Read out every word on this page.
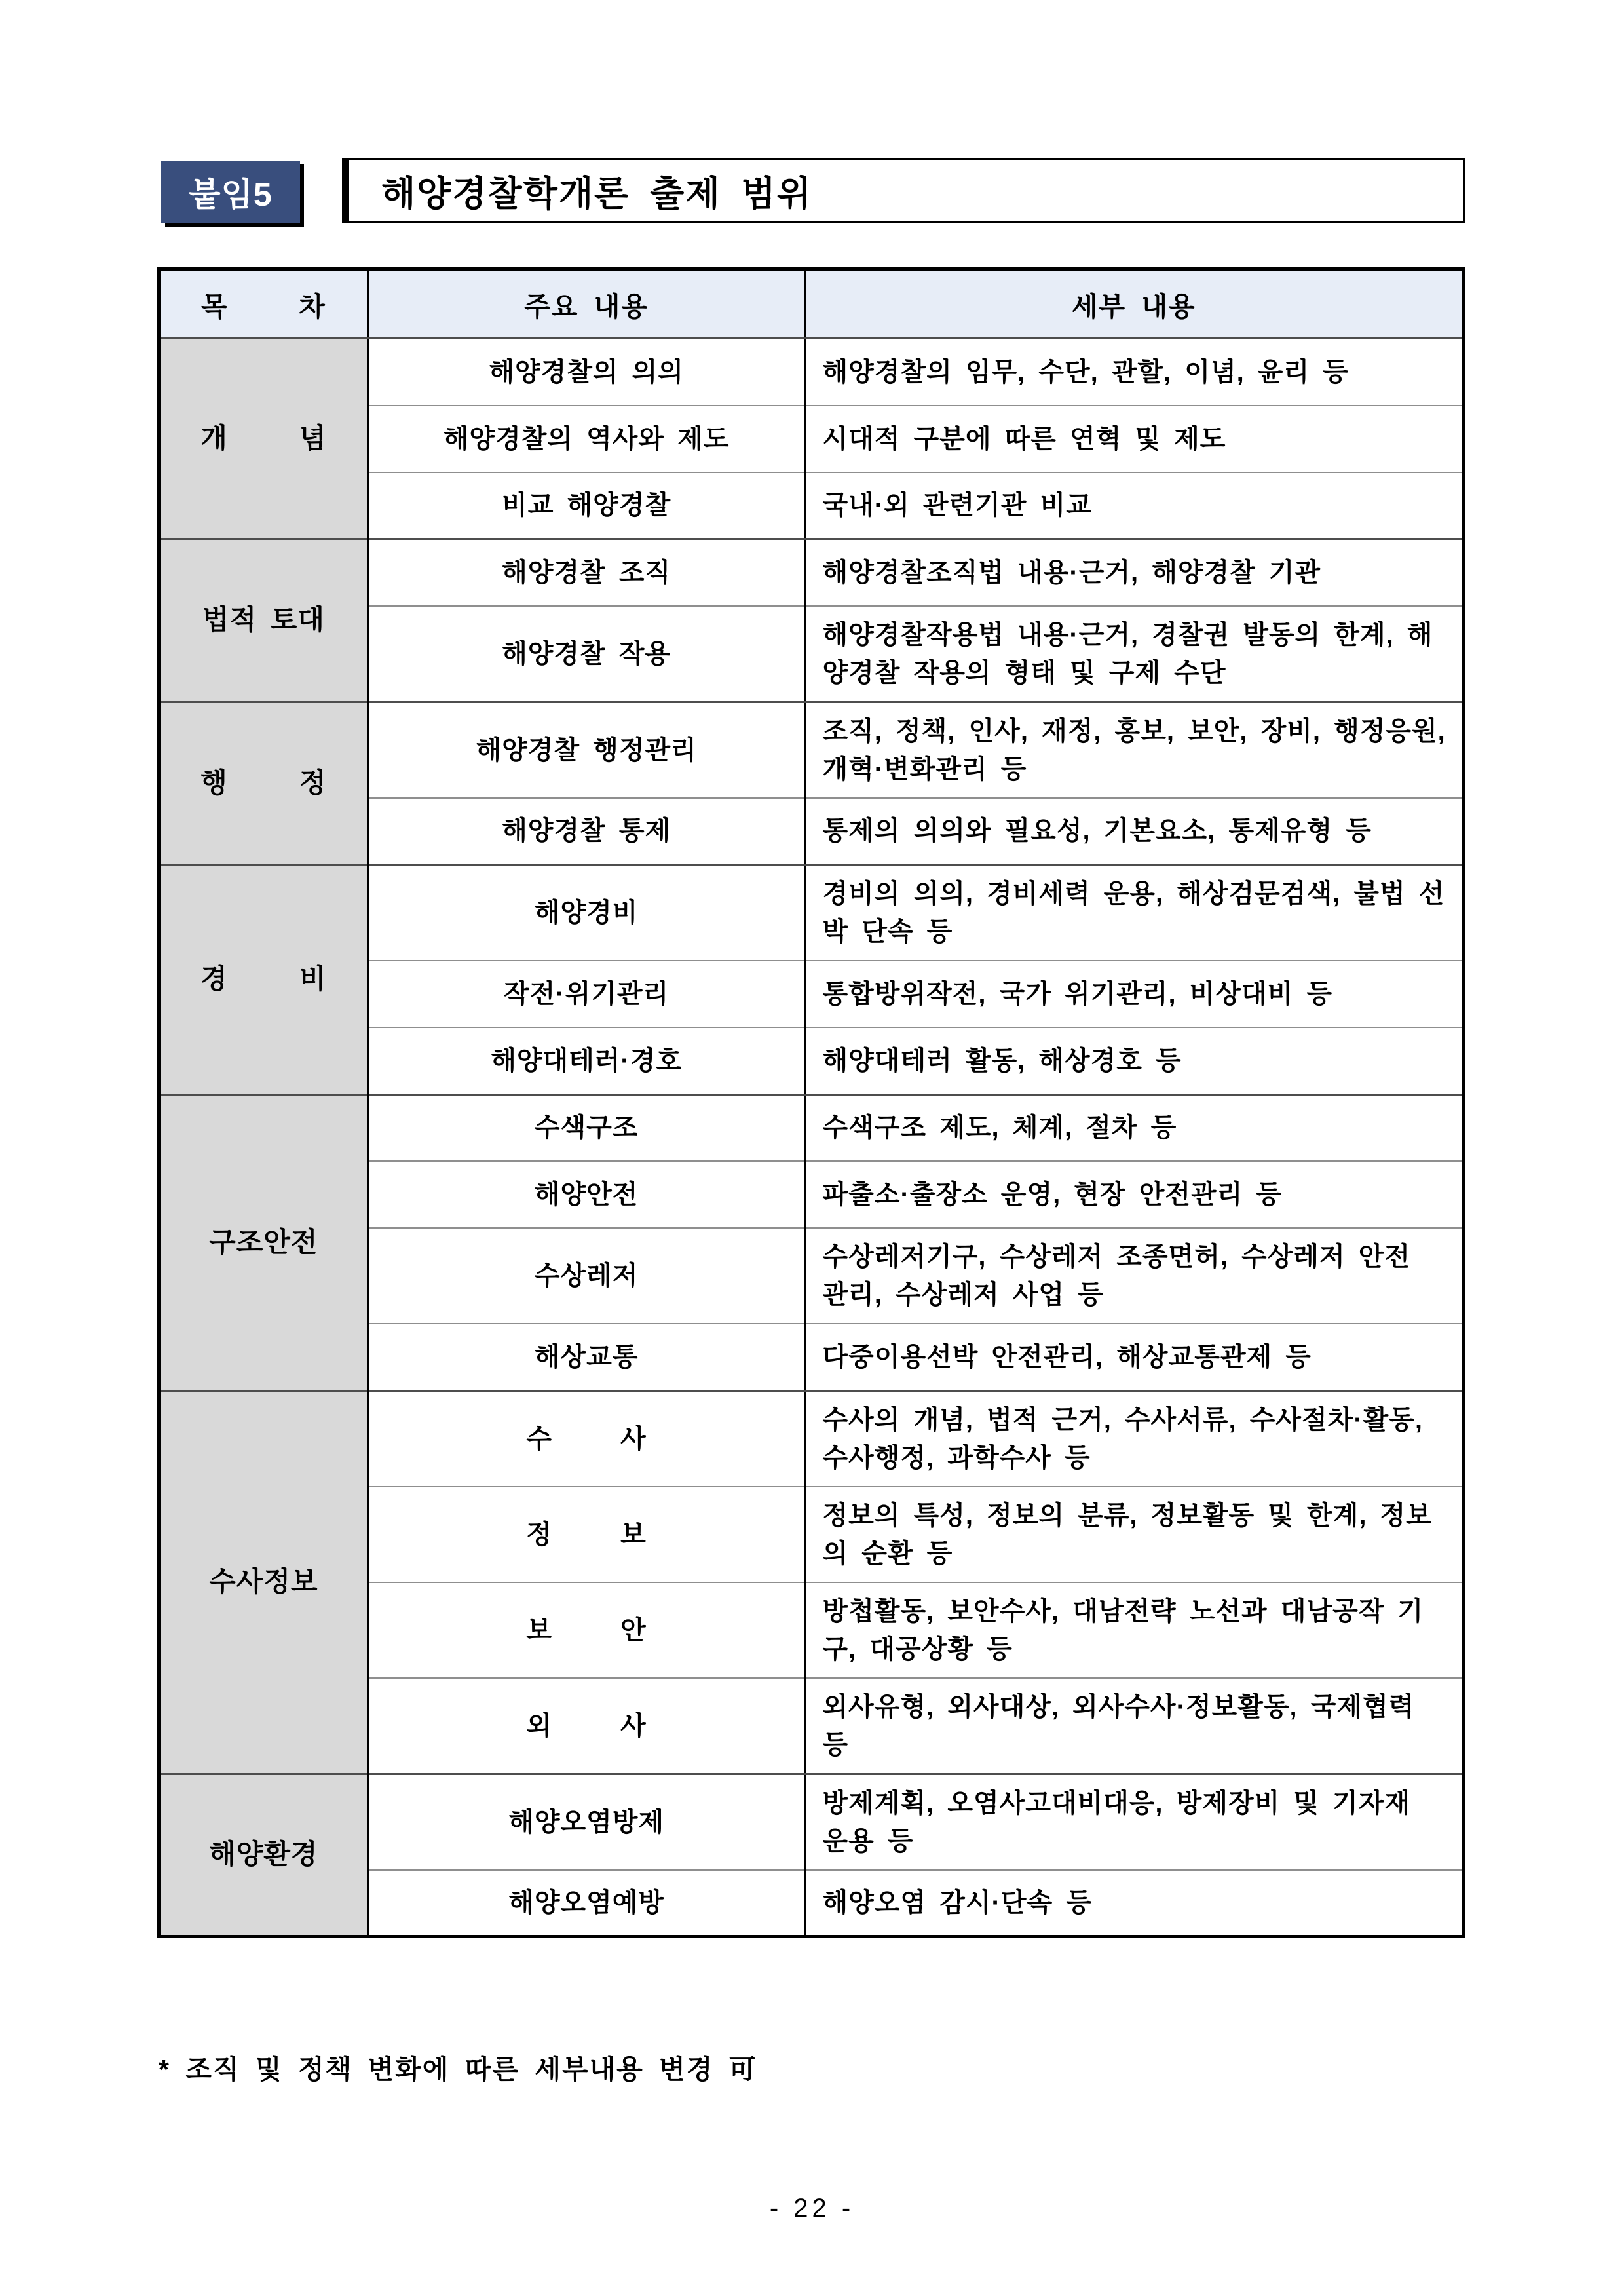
붙임5	해양경찰학개론 출제 범위
목 차	주요 내용	세부 내용
개 념	해양경찰의 의의	해양경찰의 임무, 수단, 관할, 이념, 윤리 등
	해양경찰의 역사와 제도	시대적 구분에 따른 연혁 및 제도
	비교 해양경찰	국내·외 관련기관 비교
법적 토대	해양경찰 조직	해양경찰조직법 내용·근거, 해양경찰 기관
	해양경찰 작용	해양경찰작용법 내용·근거, 경찰권 발동의 한계, 해양경찰 작용의 형태 및 구제 수단
행 정	해양경찰 행정관리	조직, 정책, 인사, 재정, 홍보, 보안, 장비, 행정응원, 개혁·변화관리 등
	해양경찰 통제	통제의 의의와 필요성, 기본요소, 통제유형 등
경 비	해양경비	경비의 의의, 경비세력 운용, 해상검문검색, 불법 선박 단속 등
	작전·위기관리	통합방위작전, 국가 위기관리, 비상대비 등
	해양대테러·경호	해양대테러 활동, 해상경호 등
구조안전	수색구조	수색구조 제도, 체계, 절차 등
	해양안전	파출소·출장소 운영, 현장 안전관리 등
	수상레저	수상레저기구, 수상레저 조종면허, 수상레저 안전 관리, 수상레저 사업 등
	해상교통	다중이용선박 안전관리, 해상교통관제 등
수사정보	수 사	수사의 개념, 법적 근거, 수사서류, 수사절차·활동, 수사행정, 과학수사 등
	정 보	정보의 특성, 정보의 분류, 정보활동 및 한계, 정보의 순환 등
	보 안	방첩활동, 보안수사, 대남전략 노선과 대남공작 기구, 대공상황 등
	외 사	외사유형, 외사대상, 외사수사·정보활동, 국제협력 등
해양환경	해양오염방제	방제계획, 오염사고대비대응, 방제장비 및 기자재 운용 등
	해양오염예방	해양오염 감시·단속 등
* 조직 및 정책 변화에 따른 세부내용 변경 可
- 22 -
